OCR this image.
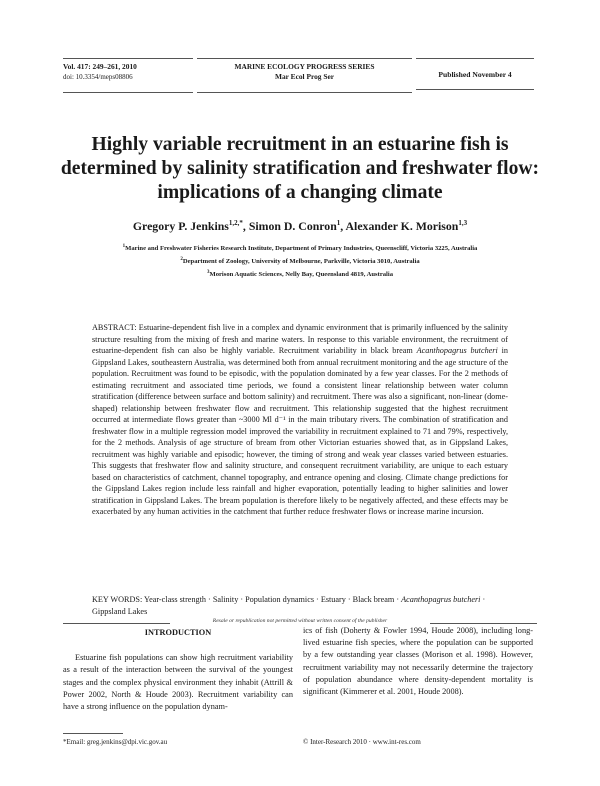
Vol. 417: 249–261, 2010
doi: 10.3354/meps08806
MARINE ECOLOGY PROGRESS SERIES
Mar Ecol Prog Ser	Published November 4
Highly variable recruitment in an estuarine fish is determined by salinity stratification and freshwater flow: implications of a changing climate
Gregory P. Jenkins$^{1,2,*}$, Simon D. Conron$^1$, Alexander K. Morison$^{1,3}$
$^1$Marine and Freshwater Fisheries Research Institute, Department of Primary Industries, Queenscliff, Victoria 3225, Australia
$^2$Department of Zoology, University of Melbourne, Parkville, Victoria 3010, Australia
$^3$Morison Aquatic Sciences, Nelly Bay, Queensland 4819, Australia
ABSTRACT: Estuarine-dependent fish live in a complex and dynamic environment that is primarily influenced by the salinity structure resulting from the mixing of fresh and marine waters. In response to this variable environment, the recruitment of estuarine-dependent fish can also be highly variable. Recruitment variability in black bream Acanthopagrus butcheri in Gippsland Lakes, southeastern Australia, was determined both from annual recruitment monitoring and the age structure of the population. Recruitment was found to be episodic, with the population dominated by a few year classes. For the 2 methods of estimating recruitment and associated time periods, we found a consistent linear relationship between water column stratification (difference between surface and bottom salinity) and recruitment. There was also a significant, non-linear (dome-shaped) relationship between freshwater flow and recruitment. This relationship suggested that the highest recruitment occurred at intermediate flows greater than ~3000 Ml d⁻¹ in the main tributary rivers. The combination of stratification and freshwater flow in a multiple regression model improved the variability in recruitment explained to 71 and 79%, respectively, for the 2 methods. Analysis of age structure of bream from other Victorian estuaries showed that, as in Gippsland Lakes, recruitment was highly variable and episodic; however, the timing of strong and weak year classes varied between estuaries. This suggests that freshwater flow and salinity structure, and consequent recruitment variability, are unique to each estuary based on characteristics of catchment, channel topography, and entrance opening and closing. Climate change predictions for the Gippsland Lakes region include less rainfall and higher evaporation, potentially leading to higher salinities and lower stratification in Gippsland Lakes. The bream population is therefore likely to be negatively affected, and these effects may be exacerbated by any human activities in the catchment that further reduce freshwater flows or increase marine incursion.
KEY WORDS: Year-class strength · Salinity · Population dynamics · Estuary · Black bream · Acanthopagrus butcheri · Gippsland Lakes
Resale or republication not permitted without written consent of the publisher
INTRODUCTION

Estuarine fish populations can show high recruitment variability as a result of the interaction between the survival of the youngest stages and the complex physical environment they inhabit (Attrill & Power 2002, North & Houde 2003). Recruitment variability can have a strong influence on the population dynam-

ics of fish (Doherty & Fowler 1994, Houde 2008), including long-lived estuarine fish species, where the population can be supported by a few outstanding year classes (Morison et al. 1998). However, recruitment variability may not necessarily determine the trajectory of population abundance where density-dependent mortality is significant (Kimmerer et al. 2001, Houde 2008).

*Email: greg.jenkins@dpi.vic.gov.au	© Inter-Research 2010 · www.int-res.com
